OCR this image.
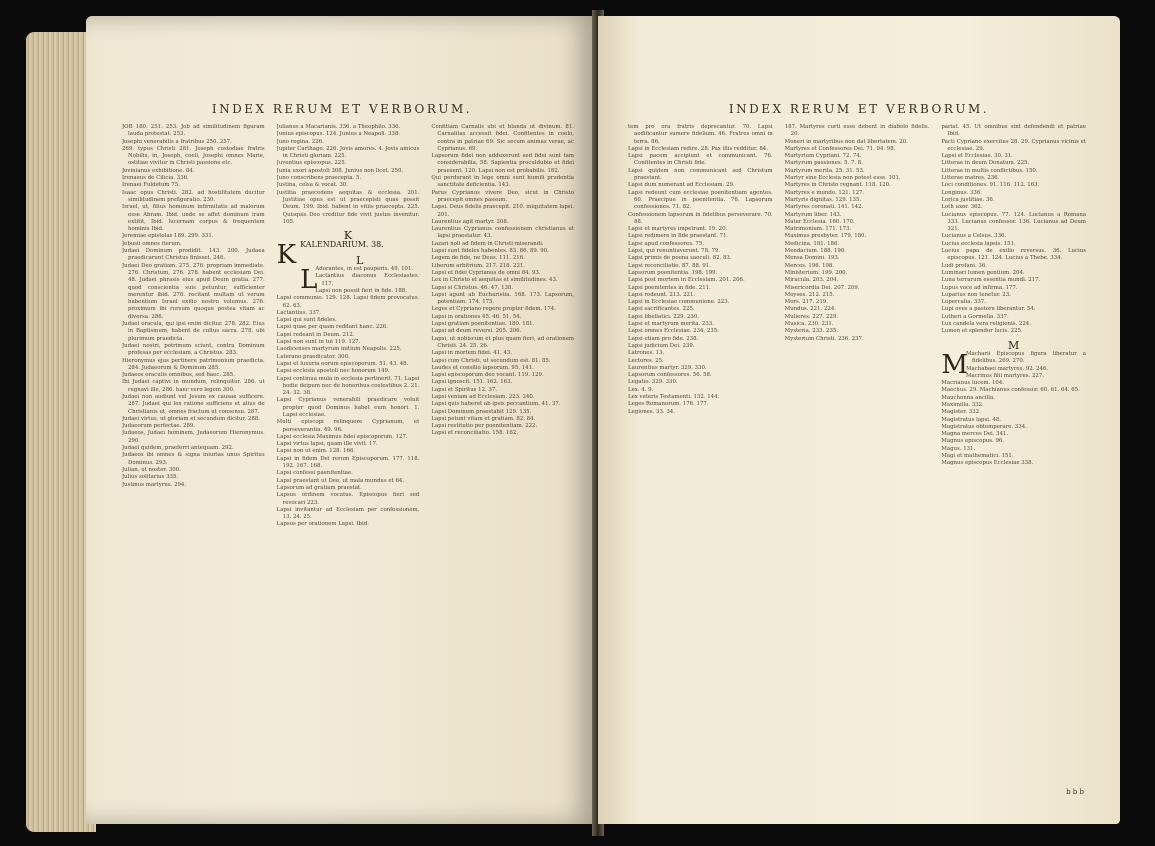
INDEX RERUM ET VERBORUM.

JOB 180. 251. 253. Job ad similitudinem figuram lauda protestat. 253.

Josephi venerabilis a fratribus 250. 257.

269. typus Christi 281. Joseph custodiae fratris Nobilis, in, Joseph, coeli, Josephi omnes Marie, ostitiae vivitur in Christi passione etc.

Jovinianus exhibitione. 84.

Irenaeus de Cilicia. 336.

Irenaei Fuldetum 75.

Isaac opus Christi. 282. ad hostilitatem ducitur similitudinem prefiguratio. 230.

Israel, ut, filius hominum infirmitatis ad malorum esse Abram. Ibid. unde se affet dominum iram extitit, Ibid. lucernam corpus & frequentem hominis Ibid.

Jeremiae epistolas 189. 299. 331.

Jebusii omnes iterum.

Judaei Dominum prodidit. 143. 200. Judaea praedicarunt Christus finisset. 246.

Judaei Deo gratiam. 275. 276. propriam immediate. 276. Christum, 276. 278. habent ecclesiam Dei. 48. Judaei phrasis eius apud Deum gratia. 277. quod conscientia suis petuntur, sufficienter merentur ibid. 278. recitant multam ut verum habentium Israel exilio nostro volumus. 276. proximum ibi rursum quoque postea vitam ac diversa. 286.

Judaei oracula, qui ipsi enim dicitur. 278. 282. Eius in Baptismum, habent de cultus sacra. 278. ubi plurimum praedicta.

Judaei nostri, potrimum sciunt, contra Dominum profesas per ecclesiam, a Christus. 283.

Hieronymus ejus pertinere patrimonium praedicta. 284. Judaeorum & Dominum 285.

Judaeos oraculis omnibus, sed haec. 285.

Ibi Judaei captivi in mundum, relinquitur. 286. ut regnavi ille, 286. haec vero legem 300.

Judaei non audiunt vel Jesum ex causae sufficere. 287. Judaei qui lex ratione sufficiens et alius de Christianis ut, omnes fractum ut consensu. 287.

Judaei virtus, ut gloriam et secundum dicitur. 288.

Judaeorum perfectae. 289.

Judaeos, Judaei hominem, Judaeorum Hieronymus. 290.

Judaei quidem, praeferri antequam. 292.

Judaeos ibi omnes & signa iniurias unus Spiritus Dominus. 293.

Julian. ut noster. 300.

Julius solitarius 335.

Justinus martyrus. 294.

Julianus a Macarianis. 336. a Theophilo. 336.

Junius episcopus. 124. Junius a Neapoli. 338.

Juno regina. 226.

Jupiter Carthago. 226. Jovis amores. 4. Jovis amicus in Christi gloriam. 225.

Juventius episcopus. 225.

Junia uxori apostoli 308. Junius non licet. 250.

Juno conscribens praecepta. 5.

Justina, celsa & vocat. 30.

Justitia praecedens aequitas & ecclesia. 201. Justitiae opus est ut praecepisti quae possit Deum. 199. Ibid. habent in vitiis praecepta. 225. Quisquis Deo creditur fide vivit justus invenitur. 105.

K
KKALENDARIUM. 38.
L
L

Adorantes, in est pauperis. 49. 101.

Lactantius diaconus Ecclesiastes. 117.

Lapsi non possit fieri in fide. 188.

Lapsi communio. 129. 128. Lapsi fidem provocatus. 62. 63.

Lactantius. 337.

Lapsi qui sunt fideles.

Lapsi quae per quam reddant hanc. 226.

Lapsi redeant in Deum. 212.

Lapsi non sunt in tui 119. 127.

Laodicenses martyrum initium Neapolis. 225.

Laterano praedicator. 300.

Lapsi et luxuria eorum episcoporum. 51. 43. 48.

Lapsi ecclesia apostoli nec honorum 149.

Lapsi continua mula in ecclesia pertinerit. 71. Lapsi hodie deipum nec de honoribus coelestibus 2. 21. 24. 32. 38.

Lapsi Cyprianus venerabili praedicare voluit propter quod Dominus habet eum honori. 1. Lapsi ecclesiae.

Multi episcopi relinquere Cyprianum, et perseverantia. 49. 96.

Lapsi ecclesia Maximus fidei episcoporum. 127.

Lapsi virtus lapsi, quam ille vivit. 17.

Lapsi non ut enim. 128. 166.

Lapsi in fidem Dei rerum Episcoporum. 177. 118. 192. 167. 168.

Lapsi confessi paenitentiae.

Lapsi praestant ut Deo, ut mala mundus et 64.

Lapsorum ad gratiam praestat.

Lapsus ordinem vocatus. Episcopus fieri sed revocari 223.

Lapsi invitantur ad Ecclesiam per confessionem. 13. 24. 25.

Lapsus per orationem Lapsi. Ibid.

Confitiam Carnalis ubi et blanda ut divinum. 81. Carnalitas accessit fidei. Confitentes in coelo, contra in patriae 69. Sic secum animas verae, ac Cyprianus. 69.

Lapsorum fidei non adduxerunt sed fidei sunt tam considerabilia. 58. Sapientia proculdubio et fidei praesent. 120. Lapsi non est probabilis. 182.

Qui perdurant in lege omni sunt humili prudentia sanctitate deficientia. 143.

Parus Cyprianus vivere Deo, sicut in Christo praecepit omnes passum.

Lapsi. Deus fidelis praecepit. 210. iniquitatem lapsi. 201.

Laurentius agit martyr. 208.

Laurentius Cyprianus confessionem christianus et lapsi praestatur. 43.

Lazari noli ad fidem in Christi miserandi.

Lapsi sunt fideles habentes. 83. 86. 89. 90.

Legem de fide, ne Deus. 111. 216.

Liberum arbitrium. 217. 218. 221.

Lapsi et fidei Cyprianus de omni 84. 93.

Lex in Christo et aequitas et similitudines. 43.

Lapsi si Christus. 46. 47. 138.

Lapsi agunt ab Eucharistia. 168. 173. Lapsorum, potentiam. 174. 175.

Leges et Cypriano regere propter fidem. 174.

Lapsi in orationes 45. 46. 51. 54.

Lapsi gratiam poenitentiae. 180. 181.

Lapsi ad deum reversi. 205. 206.

Lapsi, ut nobiscum et plus quam fieri, ad orationem Christi. 24. 25. 26.

Lapsi in mortem fidei. 41. 43.

Lapsi cum Christi, ut secundum est. 81. 85.

Laudes et consilio lapsorum. 95. 141.

Lapsi episcoporum deo vocant. 119. 129.

Lapsi ignoscit. 151. 162. 163.

Lapsi et Spiritus 12. 37.

Lapsi veniam ad Ecclesiam. 223. 240.

Lapsi quis haberet ab ipsis peccantium. 41. 37.

Lapsi Dominum praestabit 129. 135.

Lapsi petunt vitam et gratiam. 82. 84.

Lapsi restitutio per poenitentiam. 222.

Lapsi et reconciliatio. 158. 162.

INDEX RERUM ET VERBORUM.

tem pro ora fratris deprecantur. 70. Lapsi aedificantur sumere fidelium. 46. Fratres omni in terra. 86.

Lapsi in Ecclesiam redire. 28. Pax illis redditur. 84.

Lapsi pacem accipiunt et communicant. 76. Confitentes in Christi fide.

Lapsi quidem non communicant sed Christum praestant.

Lapsi dum numerant ad Ecclesiam. 29.

Lapsi redeunt cum ecclesiae poenitentiam agentes. 60. Praecipue in poenitentia. 76. Lapsorum confessiones. 71. 82.

Confessionem lapsorum in fidelibus perseverare. 70. 88.

Lapsi et martyres impetrant. 19. 20.

Lapsi redimere in fide praestant. 71.

Lapsi apud confessores. 75.

Lapsi, qui renuntiaverunt. 78. 79.

Lapsi primis de poena saeculi. 82. 83.

Lapsi reconciliatio. 87. 88. 91.

Lapsorum poenitentia. 198. 199.

Lapsi post mortem in Ecclesiam. 201. 206.

Lapsi poenitentes in fide. 211.

Lapsi redeunt. 213. 221.

Lapsi in Ecclesiae communione. 223.

Lapsi sacrificantes. 225.

Lapsi libellatici. 229. 230.

Lapsi et martyrum merita. 233.

Lapsi omnes Ecclesiae. 234. 235.

Lapsi etiam pro fide. 238.

Lapsi judicium Dei. 239.

Latrones. 13.

Lectores. 25.

Laurentius martyr. 329. 330.

Lapsorum confessores. 56. 58.

Legatio. 329. 330.

Lex. 4. 9.

Lex veteris Testamenti. 132. 144.

Leges Romanorum. 176. 177.

Legiones. 33. 34.

187. Martyres curti esse debent in diabolo fidelis. 20.

Moneri in martyribus non dat libertatem. 20.

Martyres et Confessores Dei. 71. 94. 98.

Martyrium Cypriani. 72. 74.

Martyrum passiones. 5. 7. 8.

Martyrum merita. 25. 31. 53.

Martyr sine Ecclesia non potest esse. 101.

Martyres in Christo regnant. 118. 120.

Martyres e mundo. 121. 127.

Martyris dignitas. 129. 135.

Martyres coronati. 141. 142.

Martyrum liber. 143.

Mater Ecclesia. 160. 170.

Matrimonium. 171. 173.

Maximus presbyter. 179. 180.

Medicina. 181. 186.

Mendacium. 188. 190.

Mensa Domini. 193.

Merces. 196. 198.

Ministerium. 199. 200.

Miracula. 203. 204.

Misericordia Dei. 207. 209.

Moyses. 212. 215.

Mors. 217. 219.

Mundus. 221. 224.

Mulieres. 227. 229.

Musica. 230. 231.

Mysteria. 233. 235.

Mysterium Christi. 236. 237.

pariat. 45. Ut omnibus sint defendendi et patriae Ibid.

Pacti Cypriano exercitus 28. 29. Cyprianus vicinis et ecclesiae. 29.

Lapsi et Ecclesiae. 30. 31.

Litterae in deum Donatum. 225.

Litterae in multis conflictibus. 150.

Litterae matres. 236.

Loci conditiones. 91. 116. 112. 163.

Longinus. 336.

Lorica justitiae. 36.

Loth uxor. 362.

Lucianus episcopus. 77. 124. Lucianus a Romana 333. Lucianus confessor. 136. Lucianus ad Deum 321.

Lucianus a Celsus. 336.

Lucius ecclesia lapsis. 151.

Lucius papa de exilio reversus. 36. Lucius episcopus. 121. 124. Lucius a Thebe. 334.

Ludi profani. 36.

Luminari lumen gentium. 204.

Luna terrarum essentia mundi. 217.

Lupus voce ad infirma. 177.

Luparius non tenetur. 23.

Lupercalia. 337.

Lupi oves a pastore liberantur. 54.

Lutheri a Gormelia. 337.

Lux candela vera religionis. 224.

Lumen et splendor lucis. 225.

M
M

Macharii Episcopus figura liberatur a fidelibus. 269. 270.

Machabaei martyres. 92. 246.

Macrinus filii martyres. 227.

Macrianus lucem. 104.

Maechus. 29. Machianus confessor. 60. 61. 64. 65.

Mauchonna ancilla.

Maximilla. 332.

Magister. 332.

Magistratus lapsi. 48.

Magistratus obtemperare. 334.

Magna merces Dei. 341.

Magnus episcopus. 96.

Magus. 131.

Magi et mathematici. 151.

Magnus episcopus Ecclesiae 338.

b b b
